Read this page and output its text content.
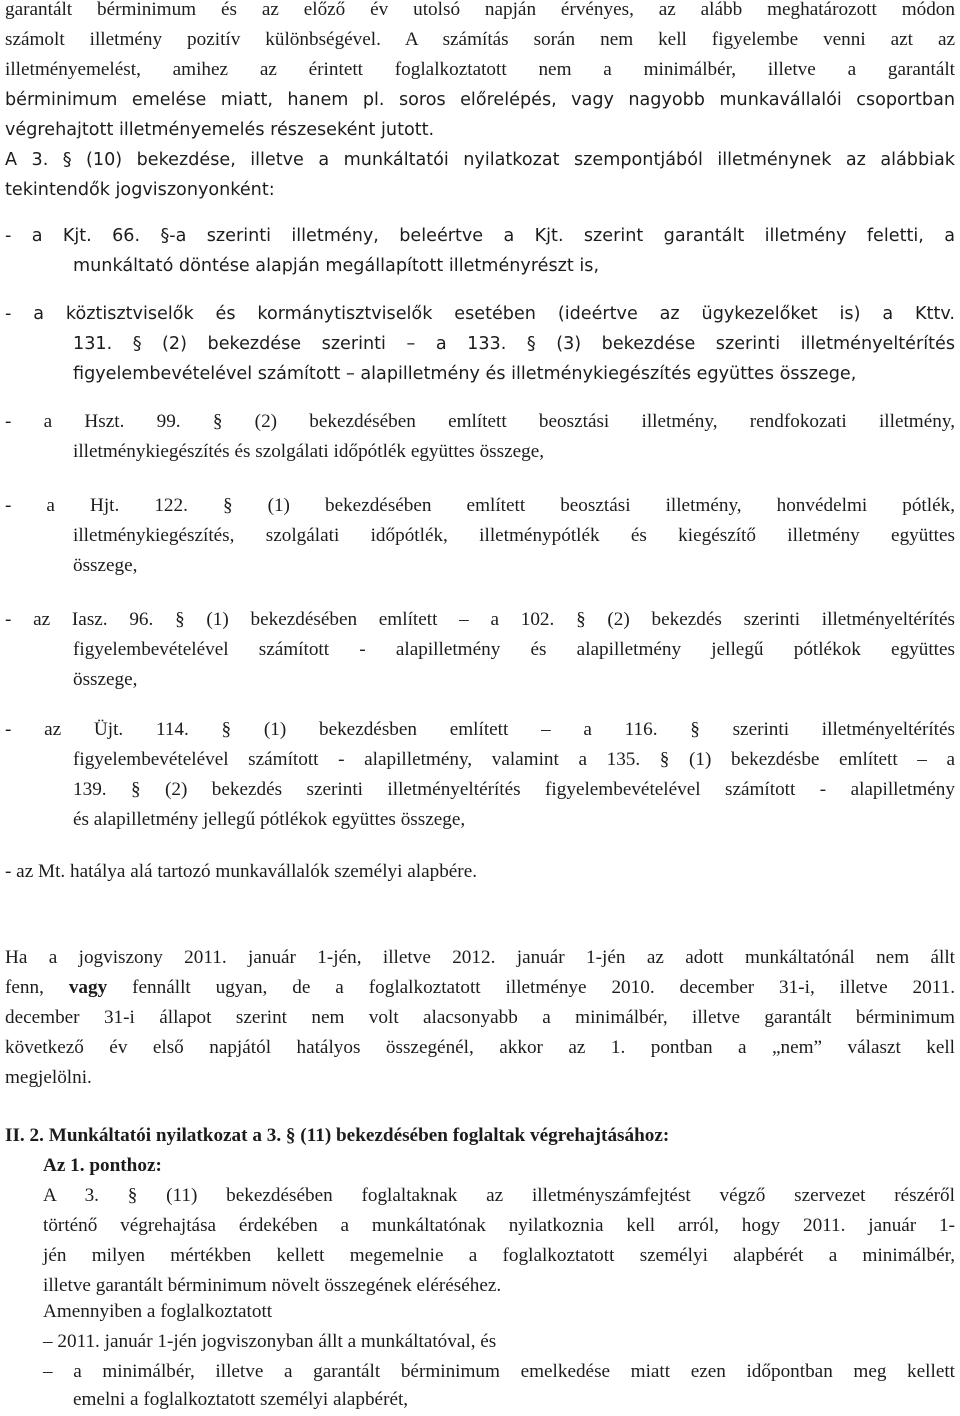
garantált bérminimum és az előző év utolsó napján érvényes, az alább meghatározott módon
számolt illetmény pozitív különbségével. A számítás során nem kell figyelembe venni azt az
illetményemelést, amihez az érintett foglalkoztatott nem a minimálbér, illetve a garantált
bérminimum emelése miatt, hanem pl. soros előrelépés, vagy nagyobb munkavállalói csoportban
végrehajtott illetményemelés részeseként jutott.
A 3. § (10) bekezdése, illetve a munkáltatói nyilatkozat szempontjából illetménynek az alábbiak
tekintendők jogviszonyonként:
- a Kjt. 66. §-a szerinti illetmény, beleértve a Kjt. szerint garantált illetmény feletti, a
munkáltató döntése alapján megállapított illetményrészt is,
- a köztisztviselők és kormánytisztviselők esetében (ideértve az ügykezelőket is) a Kttv.
131. § (2) bekezdése szerinti – a 133. § (3) bekezdése szerinti illetményeltérítés
figyelembevételével számított – alapilletmény és illetménykiegészítés együttes összege,
- a Hszt. 99. § (2) bekezdésében említett beosztási illetmény, rendfokozati illetmény,
illetménykiegészítés és szolgálati időpótlék együttes összege,
- a Hjt. 122. § (1) bekezdésében említett beosztási illetmény, honvédelmi pótlék,
illetménykiegészítés, szolgálati időpótlék, illetménypótlék és kiegészítő illetmény együttes
összege,
- az Iasz. 96. § (1) bekezdésében említett – a 102. § (2) bekezdés szerinti illetményeltérítés
figyelembevételével számított - alapilletmény és alapilletmény jellegű pótlékok együttes
összege,
- az Üjt. 114. § (1) bekezdésben említett – a 116. § szerinti illetményeltérítés
figyelembevételével számított - alapilletmény, valamint a 135. § (1) bekezdésbe említett – a
139. § (2) bekezdés szerinti illetményeltérítés figyelembevételével számított - alapilletmény
és alapilletmény jellegű pótlékok együttes összege,
- az Mt. hatálya alá tartozó munkavállalók személyi alapbére.
Ha a jogviszony 2011. január 1-jén, illetve 2012. január 1-jén az adott munkáltatónál nem állt
fenn, vagy fennállt ugyan, de a foglalkoztatott illetménye 2010. december 31-i, illetve 2011.
december 31-i állapot szerint nem volt alacsonyabb a minimálbér, illetve garantált bérminimum
következő év első napjától hatályos összegénél, akkor az 1. pontban a „nem” választ kell
megjelölni.
II. 2. Munkáltatói nyilatkozat a 3. § (11) bekezdésében foglaltak végrehajtásához:
Az 1. ponthoz:
A 3. § (11) bekezdésében foglaltaknak az illetményszámfejtést végző szervezet részéről
történő végrehajtása érdekében a munkáltatónak nyilatkoznia kell arról, hogy 2011. január 1-
jén milyen mértékben kellett megemelnie a foglalkoztatott személyi alapbérét a minimálbér,
illetve garantált bérminimum növelt összegének eléréséhez.
Amennyiben a foglalkoztatott
– 2011. január 1-jén jogviszonyban állt a munkáltatóval, és
– a minimálbér, illetve a garantált bérminimum emelkedése miatt ezen időpontban meg kellett
emelni a foglalkoztatott személyi alapbérét,
